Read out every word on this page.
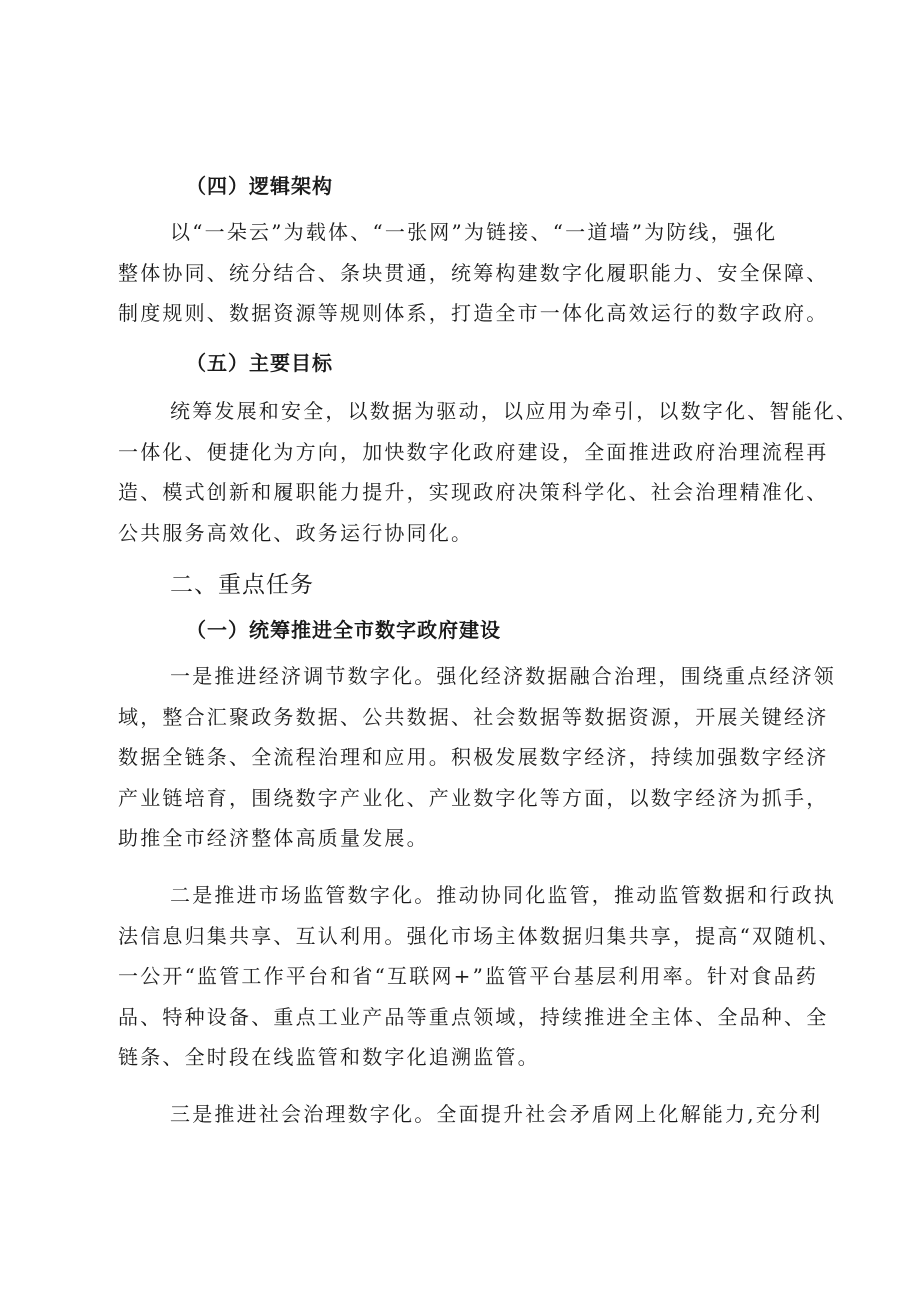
（四）逻辑架构
以“一朵云”为载体、“一张网”为链接、“一道墙”为防线，强化
整体协同、统分结合、条块贯通，统筹构建数字化履职能力、安全保障、
制度规则、数据资源等规则体系，打造全市一体化高效运行的数字政府。
（五）主要目标
统筹发展和安全，以数据为驱动，以应用为牵引，以数字化、智能化、
一体化、便捷化为方向，加快数字化政府建设，全面推进政府治理流程再
造、模式创新和履职能力提升，实现政府决策科学化、社会治理精准化、
公共服务高效化、政务运行协同化。
二、重点任务
（一）统筹推进全市数字政府建设
一是推进经济调节数字化。强化经济数据融合治理，围绕重点经济领
域，整合汇聚政务数据、公共数据、社会数据等数据资源，开展关键经济
数据全链条、全流程治理和应用。积极发展数字经济，持续加强数字经济
产业链培育，围绕数字产业化、产业数字化等方面，以数字经济为抓手，
助推全市经济整体高质量发展。
二是推进市场监管数字化。推动协同化监管，推动监管数据和行政执
法信息归集共享、互认利用。强化市场主体数据归集共享，提高“双随机、
一公开“监管工作平台和省“互联网+”监管平台基层利用率。针对食品药
品、特种设备、重点工业产品等重点领域，持续推进全主体、全品种、全
链条、全时段在线监管和数字化追溯监管。
三是推进社会治理数字化。全面提升社会矛盾网上化解能力,充分利
